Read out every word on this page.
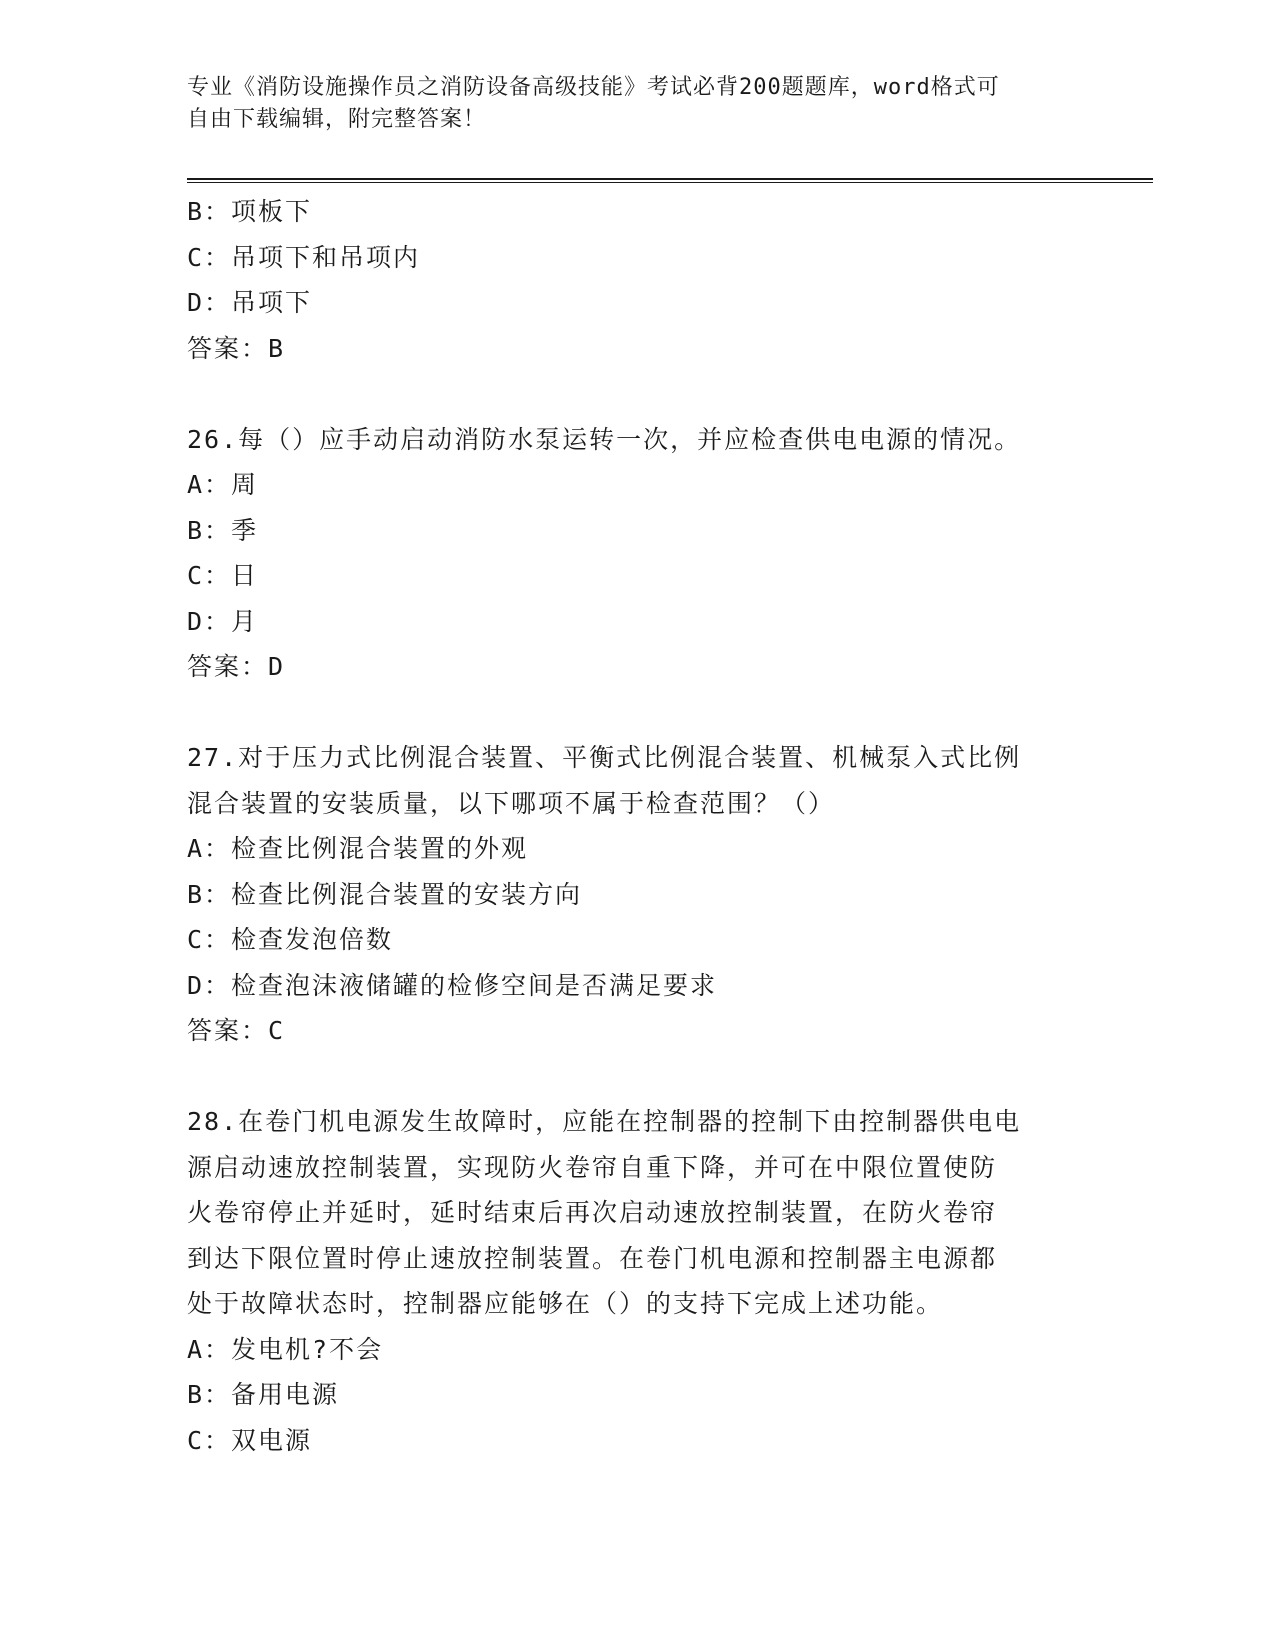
专业《消防设施操作员之消防设备高级技能》考试必背200题题库，word格式可
自由下载编辑，附完整答案！
B：项板下
C：吊项下和吊项内
D：吊项下
答案：B
26.每（）应手动启动消防水泵运转一次，并应检查供电电源的情况。
A：周
B：季
C：日
D：月
答案：D
27.对于压力式比例混合装置、平衡式比例混合装置、机械泵入式比例
混合装置的安装质量，以下哪项不属于检查范围？（）
A：检查比例混合装置的外观
B：检查比例混合装置的安装方向
C：检查发泡倍数
D：检查泡沫液储罐的检修空间是否满足要求
答案：C
28.在卷门机电源发生故障时，应能在控制器的控制下由控制器供电电
源启动速放控制装置，实现防火卷帘自重下降，并可在中限位置使防
火卷帘停止并延时，延时结束后再次启动速放控制装置，在防火卷帘
到达下限位置时停止速放控制装置。在卷门机电源和控制器主电源都
处于故障状态时，控制器应能够在（）的支持下完成上述功能。
A：发电机?不会
B：备用电源
C：双电源
